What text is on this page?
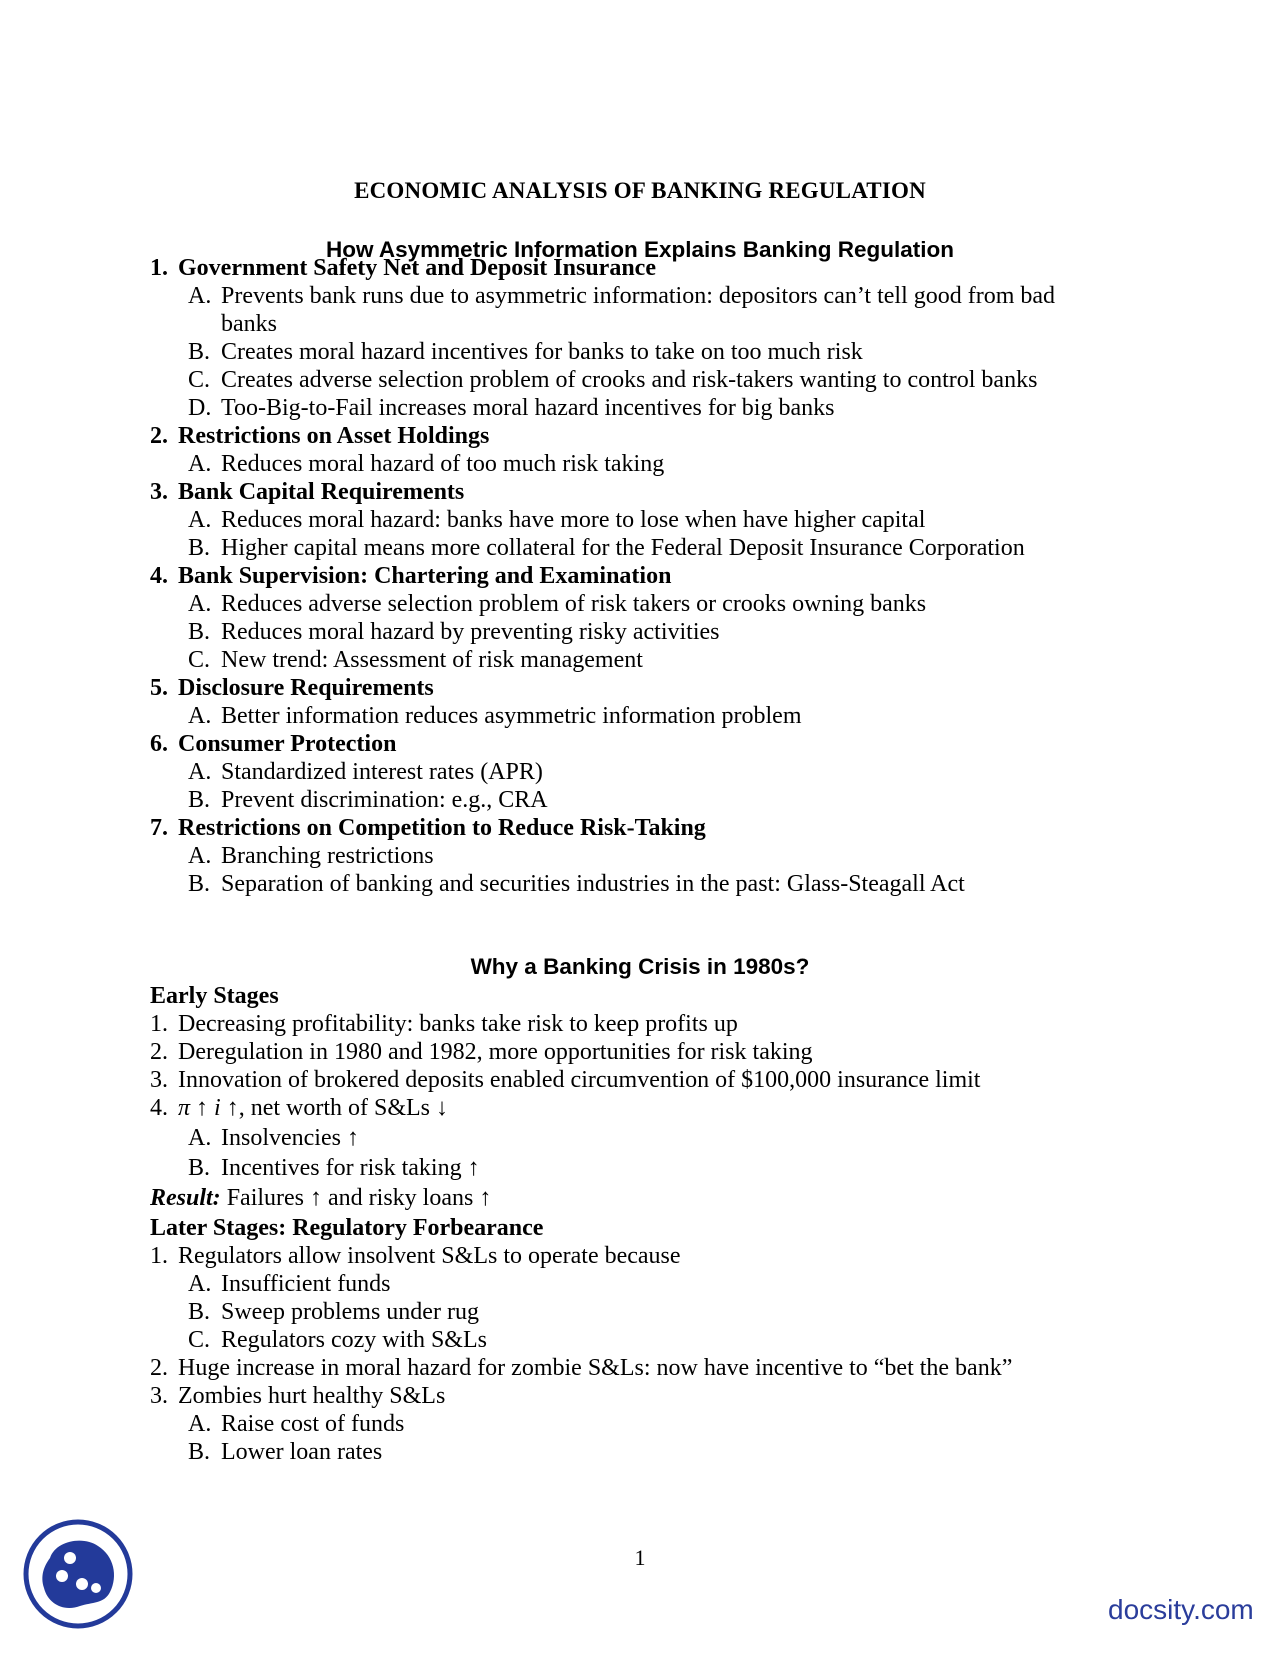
ECONOMIC ANALYSIS OF BANKING REGULATION
How Asymmetric Information Explains Banking Regulation
1. Government Safety Net and Deposit Insurance
A. Prevents bank runs due to asymmetric information: depositors can’t tell good from bad
banks
B. Creates moral hazard incentives for banks to take on too much risk
C. Creates adverse selection problem of crooks and risk-takers wanting to control banks
D. Too-Big-to-Fail increases moral hazard incentives for big banks
2. Restrictions on Asset Holdings
A. Reduces moral hazard of too much risk taking
3. Bank Capital Requirements
A. Reduces moral hazard: banks have more to lose when have higher capital
B. Higher capital means more collateral for the Federal Deposit Insurance Corporation
4. Bank Supervision: Chartering and Examination
A. Reduces adverse selection problem of risk takers or crooks owning banks
B. Reduces moral hazard by preventing risky activities
C. New trend: Assessment of risk management
5. Disclosure Requirements
A. Better information reduces asymmetric information problem
6. Consumer Protection
A. Standardized interest rates (APR)
B. Prevent discrimination: e.g., CRA
7. Restrictions on Competition to Reduce Risk-Taking
A. Branching restrictions
B. Separation of banking and securities industries in the past: Glass-Steagall Act
Why a Banking Crisis in 1980s?
Early Stages
1. Decreasing profitability: banks take risk to keep profits up
2. Deregulation in 1980 and 1982, more opportunities for risk taking
3. Innovation of brokered deposits enabled circumvention of $100,000 insurance limit
4. π ↑ i ↑, net worth of S&Ls ↓
A. Insolvencies ↑
B. Incentives for risk taking ↑
Result: Failures ↑ and risky loans ↑
Later Stages: Regulatory Forbearance
1. Regulators allow insolvent S&Ls to operate because
A. Insufficient funds
B. Sweep problems under rug
C. Regulators cozy with S&Ls
2. Huge increase in moral hazard for zombie S&Ls: now have incentive to “bet the bank”
3. Zombies hurt healthy S&Ls
A. Raise cost of funds
B. Lower loan rates
1
docsity.com
